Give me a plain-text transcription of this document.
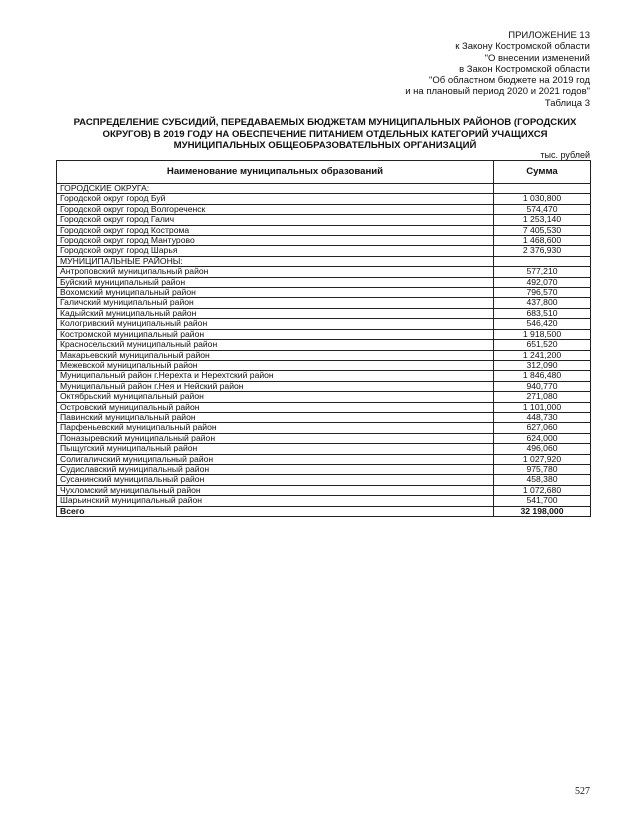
ПРИЛОЖЕНИЕ 13
к Закону Костромской области
"О внесении изменений
в Закон Костромской области
"Об областном бюджете на 2019 год
и на плановый период 2020 и 2021 годов"
Таблица 3
РАСПРЕДЕЛЕНИЕ СУБСИДИЙ, ПЕРЕДАВАЕМЫХ БЮДЖЕТАМ МУНИЦИПАЛЬНЫХ РАЙОНОВ (ГОРОДСКИХ ОКРУГОВ) В 2019 ГОДУ НА ОБЕСПЕЧЕНИЕ ПИТАНИЕМ ОТДЕЛЬНЫХ КАТЕГОРИЙ УЧАЩИХСЯ МУНИЦИПАЛЬНЫХ ОБЩЕОБРАЗОВАТЕЛЬНЫХ ОРГАНИЗАЦИЙ
тыс. рублей
Наименование муниципальных образований	Сумма
ГОРОДСКИЕ ОКРУГА:	
Городской округ город Буй	1 030,800
Городской округ город Волгореченск	574,470
Городской округ город Галич	1 253,140
Городской округ город Кострома	7 405,530
Городской округ город Мантурово	1 468,600
Городской округ город Шарья	2 376,930
МУНИЦИПАЛЬНЫЕ РАЙОНЫ:	
Антроповский муниципальный район	577,210
Буйский муниципальный район	492,070
Вохомский муниципальный район	796,570
Галичский муниципальный район	437,800
Кадыйский муниципальный район	683,510
Кологривский муниципальный район	546,420
Костромской муниципальный район	1 918,500
Красносельский муниципальный район	651,520
Макарьевский муниципальный район	1 241,200
Межевской муниципальный район	312,090
Муниципальный район г.Нерехта и Нерехтский район	1 846,480
Муниципальный район г.Нея и Нейский район	940,770
Октябрьский муниципальный район	271,080
Островский муниципальный район	1 101,000
Павинский муниципальный район	448,730
Парфеньевский муниципальный район	627,060
Поназыревский муниципальный район	624,000
Пыщугский муниципальный район	496,060
Солигаличский муниципальный район	1 027,920
Судиславский муниципальный район	975,780
Сусанинский муниципальный район	458,380
Чухломский муниципальный район	1 072,680
Шарьинский муниципальный район	541,700
Всего	32 198,000
527
